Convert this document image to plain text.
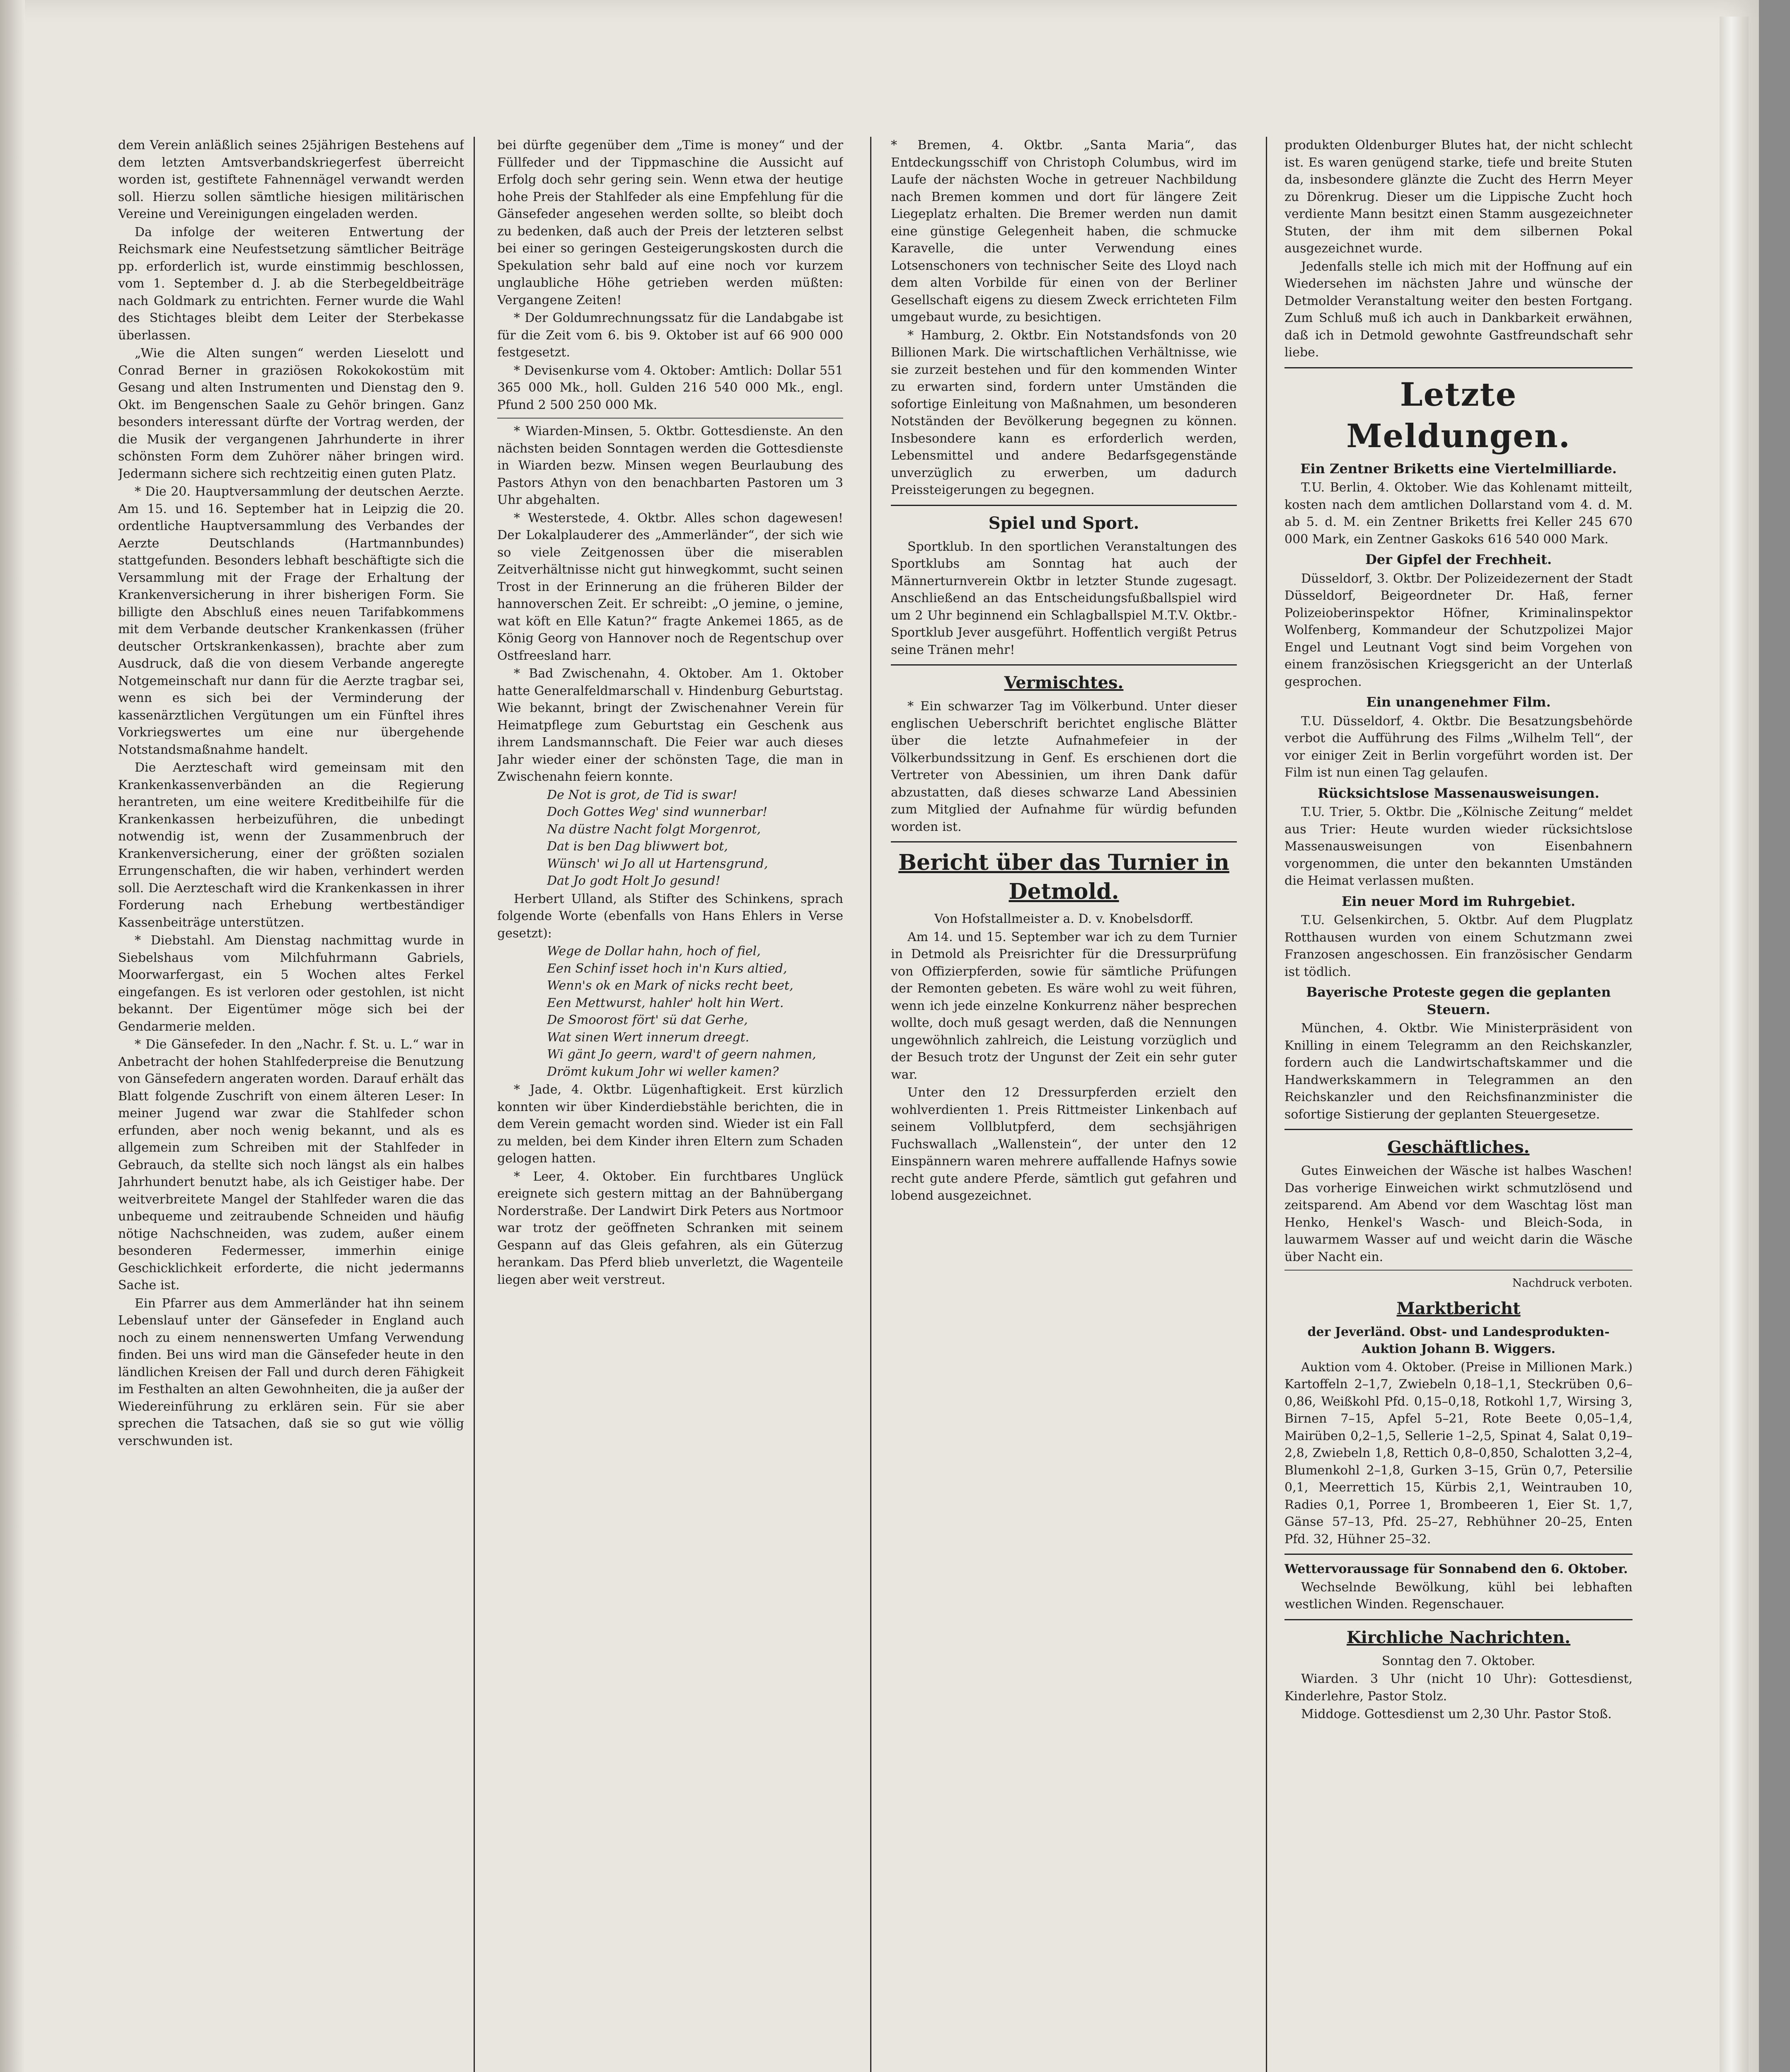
dem Verein anläßlich seines 25jährigen Bestehens auf dem letzten Amtsverbandskriegerfest überreicht worden ist, gestiftete Fahnennägel verwandt werden soll. Hierzu sollen sämtliche hiesigen militärischen Vereine und Vereinigungen eingeladen werden.

Da infolge der weiteren Entwertung der Reichsmark eine Neufestsetzung sämtlicher Beiträge pp. erforderlich ist, wurde einstimmig beschlossen, vom 1. September d. J. ab die Sterbegeldbeiträge nach Goldmark zu entrichten. Ferner wurde die Wahl des Stichtages bleibt dem Leiter der Sterbekasse überlassen.

„Wie die Alten sungen“ werden Lieselott und Conrad Berner in graziösen Rokokokostüm mit Gesang und alten Instrumenten und Dienstag den 9. Okt. im Bengenschen Saale zu Gehör bringen. Ganz besonders interessant dürfte der Vortrag werden, der die Musik der vergangenen Jahrhunderte in ihrer schönsten Form dem Zuhörer näher bringen wird. Jedermann sichere sich rechtzeitig einen guten Platz.

* Die 20. Hauptversammlung der deutschen Aerzte. Am 15. und 16. September hat in Leipzig die 20. ordentliche Hauptversammlung des Verbandes der Aerzte Deutschlands (Hartmannbundes) stattgefunden. Besonders lebhaft beschäftigte sich die Versammlung mit der Frage der Erhaltung der Krankenversicherung in ihrer bisherigen Form. Sie billigte den Abschluß eines neuen Tarifabkommens mit dem Verbande deutscher Krankenkassen (früher deutscher Ortskrankenkassen), brachte aber zum Ausdruck, daß die von diesem Verbande angeregte Notgemeinschaft nur dann für die Aerzte tragbar sei, wenn es sich bei der Verminderung der kassenärztlichen Vergütungen um ein Fünftel ihres Vorkriegswertes um eine nur übergehende Notstandsmaßnahme handelt.

Die Aerzteschaft wird gemeinsam mit den Krankenkassenverbänden an die Regierung herantreten, um eine weitere Kreditbeihilfe für die Krankenkassen herbeizuführen, die unbedingt notwendig ist, wenn der Zusammenbruch der Krankenversicherung, einer der größten sozialen Errungenschaften, die wir haben, verhindert werden soll. Die Aerzteschaft wird die Krankenkassen in ihrer Forderung nach Erhebung wertbeständiger Kassenbeiträge unterstützen.

* Diebstahl. Am Dienstag nachmittag wurde in Siebelshaus vom Milchfuhrmann Gabriels, Moorwarfergast, ein 5 Wochen altes Ferkel eingefangen. Es ist verloren oder gestohlen, ist nicht bekannt. Der Eigentümer möge sich bei der Gendarmerie melden.

* Die Gänsefeder. In den „Nachr. f. St. u. L.“ war in Anbetracht der hohen Stahlfederpreise die Benutzung von Gänsefedern angeraten worden. Darauf erhält das Blatt folgende Zuschrift von einem älteren Leser: In meiner Jugend war zwar die Stahlfeder schon erfunden, aber noch wenig bekannt, und als es allgemein zum Schreiben mit der Stahlfeder in Gebrauch, da stellte sich noch längst als ein halbes Jahrhundert benutzt habe, als ich Geistiger habe. Der weitverbreitete Mangel der Stahlfeder waren die das unbequeme und zeitraubende Schneiden und häufig nötige Nachschneiden, was zudem, außer einem besonderen Federmesser, immerhin einige Geschicklichkeit erforderte, die nicht jedermanns Sache ist.

Ein Pfarrer aus dem Ammerländer hat ihn seinem Lebenslauf unter der Gänsefeder in England auch noch zu einem nennenswerten Umfang Verwendung finden. Bei uns wird man die Gänsefeder heute in den ländlichen Kreisen der Fall und durch deren Fähigkeit im Festhalten an alten Gewohnheiten, die ja außer der Wiedereinführung zu erklären sein. Für sie aber sprechen die Tatsachen, daß sie so gut wie völlig verschwunden ist.

bei dürfte gegenüber dem „Time is money“ und der Füllfeder und der Tippmaschine die Aussicht auf Erfolg doch sehr gering sein. Wenn etwa der heutige hohe Preis der Stahlfeder als eine Empfehlung für die Gänsefeder angesehen werden sollte, so bleibt doch zu bedenken, daß auch der Preis der letzteren selbst bei einer so geringen Gesteigerungskosten durch die Spekulation sehr bald auf eine noch vor kurzem unglaubliche Höhe getrieben werden müßten: Vergangene Zeiten!

* Der Goldumrechnungssatz für die Landabgabe ist für die Zeit vom 6. bis 9. Oktober ist auf 66 900 000 festgesetzt.

* Devisenkurse vom 4. Oktober: Amtlich: Dollar 551 365 000 Mk., holl. Gulden 216 540 000 Mk., engl. Pfund 2 500 250 000 Mk.

* Wiarden-Minsen, 5. Oktbr. Gottesdienste. An den nächsten beiden Sonntagen werden die Gottesdienste in Wiarden bezw. Minsen wegen Beurlaubung des Pastors Athyn von den benachbarten Pastoren um 3 Uhr abgehalten.

* Westerstede, 4. Oktbr. Alles schon dagewesen! Der Lokalplauderer des „Ammerländer“, der sich wie so viele Zeitgenossen über die miserablen Zeitverhältnisse nicht gut hinwegkommt, sucht seinen Trost in der Erinnerung an die früheren Bilder der hannoverschen Zeit. Er schreibt: „O jemine, o jemine, wat köft en Elle Katun?“ fragte Ankemei 1865, as de König Georg von Hannover noch de Regentschup over Ostfreesland harr.

* Bad Zwischenahn, 4. Oktober. Am 1. Oktober hatte Generalfeldmarschall v. Hindenburg Geburtstag. Wie bekannt, bringt der Zwischenahner Verein für Heimatpflege zum Geburtstag ein Geschenk aus ihrem Landsmannschaft. Die Feier war auch dieses Jahr wieder einer der schönsten Tage, die man in Zwischenahn feiern konnte.

De Not is grot, de Tid is swar!
Doch Gottes Weg' sind wunnerbar!
Na düstre Nacht folgt Morgenrot,
Dat is ben Dag bliwwert bot,
Wünsch' wi Jo all ut Hartensgrund,
Dat Jo godt Holt Jo gesund!

Herbert Ulland, als Stifter des Schinkens, sprach folgende Worte (ebenfalls von Hans Ehlers in Verse gesetzt):

Wege de Dollar hahn, hoch of fiel,
Een Schinf isset hoch in'n Kurs altied,
Wenn's ok en Mark of nicks recht beet,
Een Mettwurst, hahler' holt hin Wert.
De Smoorost fört' sü dat Gerhe,
Wat sinen Wert innerum dreegt.
Wi gänt Jo geern, ward't of geern nahmen,
Drömt kukum Johr wi weller kamen?

* Jade, 4. Oktbr. Lügenhaftigkeit. Erst kürzlich konnten wir über Kinderdiebstähle berichten, die in dem Verein gemacht worden sind. Wieder ist ein Fall zu melden, bei dem Kinder ihren Eltern zum Schaden gelogen hatten.

* Leer, 4. Oktober. Ein furchtbares Unglück ereignete sich gestern mittag an der Bahnübergang Norderstraße. Der Landwirt Dirk Peters aus Nortmoor war trotz der geöffneten Schranken mit seinem Gespann auf das Gleis gefahren, als ein Güterzug herankam. Das Pferd blieb unverletzt, die Wagenteile liegen aber weit verstreut.

* Bremen, 4. Oktbr. „Santa Maria“, das Entdeckungsschiff von Christoph Columbus, wird im Laufe der nächsten Woche in getreuer Nachbildung nach Bremen kommen und dort für längere Zeit Liegeplatz erhalten. Die Bremer werden nun damit eine günstige Gelegenheit haben, die schmucke Karavelle, die unter Verwendung eines Lotsenschoners von technischer Seite des Lloyd nach dem alten Vorbilde für einen von der Berliner Gesellschaft eigens zu diesem Zweck errichteten Film umgebaut wurde, zu besichtigen.

* Hamburg, 2. Oktbr. Ein Notstandsfonds von 20 Billionen Mark. Die wirtschaftlichen Verhältnisse, wie sie zurzeit bestehen und für den kommenden Winter zu erwarten sind, fordern unter Umständen die sofortige Einleitung von Maßnahmen, um besonderen Notständen der Bevölkerung begegnen zu können. Insbesondere kann es erforderlich werden, Lebensmittel und andere Bedarfsgegenstände unverzüglich zu erwerben, um dadurch Preissteigerungen zu begegnen.

Spiel und Sport.

Sportklub. In den sportlichen Veranstaltungen des Sportklubs am Sonntag hat auch der Männerturnverein Oktbr in letzter Stunde zugesagt. Anschließend an das Entscheidungsfußballspiel wird um 2 Uhr beginnend ein Schlagballspiel M.T.V. Oktbr.-Sportklub Jever ausgeführt. Hoffentlich vergißt Petrus seine Tränen mehr!

Vermischtes.

* Ein schwarzer Tag im Völkerbund. Unter dieser englischen Ueberschrift berichtet englische Blätter über die letzte Aufnahmefeier in der Völkerbundssitzung in Genf. Es erschienen dort die Vertreter von Abessinien, um ihren Dank dafür abzustatten, daß dieses schwarze Land Abessinien zum Mitglied der Aufnahme für würdig befunden worden ist.

Bericht über das Turnier in Detmold.

Von Hofstallmeister a. D. v. Knobelsdorff.

Am 14. und 15. September war ich zu dem Turnier in Detmold als Preisrichter für die Dressurprüfung von Offizierpferden, sowie für sämtliche Prüfungen der Remonten gebeten. Es wäre wohl zu weit führen, wenn ich jede einzelne Konkurrenz näher besprechen wollte, doch muß gesagt werden, daß die Nennungen ungewöhnlich zahlreich, die Leistung vorzüglich und der Besuch trotz der Ungunst der Zeit ein sehr guter war.

Unter den 12 Dressurpferden erzielt den wohlverdienten 1. Preis Rittmeister Linkenbach auf seinem Vollblutpferd, dem sechsjährigen Fuchswallach „Wallenstein“, der unter den 12 Einspännern waren mehrere auffallende Hafnys sowie recht gute andere Pferde, sämtlich gut gefahren und lobend ausgezeichnet.

produkten Oldenburger Blutes hat, der nicht schlecht ist. Es waren genügend starke, tiefe und breite Stuten da, insbesondere glänzte die Zucht des Herrn Meyer zu Dörenkrug. Dieser um die Lippische Zucht hoch verdiente Mann besitzt einen Stamm ausgezeichneter Stuten, der ihm mit dem silbernen Pokal ausgezeichnet wurde.

Jedenfalls stelle ich mich mit der Hoffnung auf ein Wiedersehen im nächsten Jahre und wünsche der Detmolder Veranstaltung weiter den besten Fortgang. Zum Schluß muß ich auch in Dankbarkeit erwähnen, daß ich in Detmold gewohnte Gastfreundschaft sehr liebe.

Letzte Meldungen.
Ein Zentner Briketts eine Viertelmilliarde.

T.U. Berlin, 4. Oktober. Wie das Kohlenamt mitteilt, kosten nach dem amtlichen Dollarstand vom 4. d. M. ab 5. d. M. ein Zentner Briketts frei Keller 245 670 000 Mark, ein Zentner Gaskoks 616 540 000 Mark.

Der Gipfel der Frechheit.

Düsseldorf, 3. Oktbr. Der Polizeidezernent der Stadt Düsseldorf, Beigeordneter Dr. Haß, ferner Polizeioberinspektor Höfner, Kriminalinspektor Wolfenberg, Kommandeur der Schutzpolizei Major Engel und Leutnant Vogt sind beim Vorgehen von einem französischen Kriegsgericht an der Unterlaß gesprochen.

Ein unangenehmer Film.

T.U. Düsseldorf, 4. Oktbr. Die Besatzungsbehörde verbot die Aufführung des Films „Wilhelm Tell“, der vor einiger Zeit in Berlin vorgeführt worden ist. Der Film ist nun einen Tag gelaufen.

Rücksichtslose Massenausweisungen.

T.U. Trier, 5. Oktbr. Die „Kölnische Zeitung“ meldet aus Trier: Heute wurden wieder rücksichtslose Massenausweisungen von Eisenbahnern vorgenommen, die unter den bekannten Umständen die Heimat verlassen mußten.

Ein neuer Mord im Ruhrgebiet.

T.U. Gelsenkirchen, 5. Oktbr. Auf dem Plugplatz Rotthausen wurden von einem Schutzmann zwei Franzosen angeschossen. Ein französischer Gendarm ist tödlich.

Bayerische Proteste gegen die geplanten Steuern.

München, 4. Oktbr. Wie Ministerpräsident von Knilling in einem Telegramm an den Reichskanzler, fordern auch die Landwirtschaftskammer und die Handwerkskammern in Telegrammen an den Reichskanzler und den Reichsfinanzminister die sofortige Sistierung der geplanten Steuergesetze.

Geschäftliches.

Gutes Einweichen der Wäsche ist halbes Waschen! Das vorherige Einweichen wirkt schmutzlösend und zeitsparend. Am Abend vor dem Waschtag löst man Henko, Henkel's Wasch- und Bleich-Soda, in lauwarmem Wasser auf und weicht darin die Wäsche über Nacht ein.

Nachdruck verboten.

Marktbericht

der Jeverländ. Obst- und Landesprodukten-Auktion Johann B. Wiggers.

Auktion vom 4. Oktober. (Preise in Millionen Mark.) Kartoffeln 2–1,7, Zwiebeln 0,18–1,1, Steckrüben 0,6–0,86, Weißkohl Pfd. 0,15–0,18, Rotkohl 1,7, Wirsing 3, Birnen 7–15, Apfel 5–21, Rote Beete 0,05–1,4, Mairüben 0,2–1,5, Sellerie 1–2,5, Spinat 4, Salat 0,19–2,8, Zwiebeln 1,8, Rettich 0,8–0,850, Schalotten 3,2–4, Blumenkohl 2–1,8, Gurken 3–15, Grün 0,7, Petersilie 0,1, Meerrettich 15, Kürbis 2,1, Weintrauben 10, Radies 0,1, Porree 1, Brombeeren 1, Eier St. 1,7, Gänse 57–13, Pfd. 25–27, Rebhühner 20–25, Enten Pfd. 32, Hühner 25–32.

Wettervoraussage für Sonnabend den 6. Oktober.

Wechselnde Bewölkung, kühl bei lebhaften westlichen Winden. Regenschauer.

Kirchliche Nachrichten.

Sonntag den 7. Oktober.

Wiarden. 3 Uhr (nicht 10 Uhr): Gottesdienst, Kinderlehre, Pastor Stolz.

Middoge. Gottesdienst um 2,30 Uhr. Pastor Stoß.
